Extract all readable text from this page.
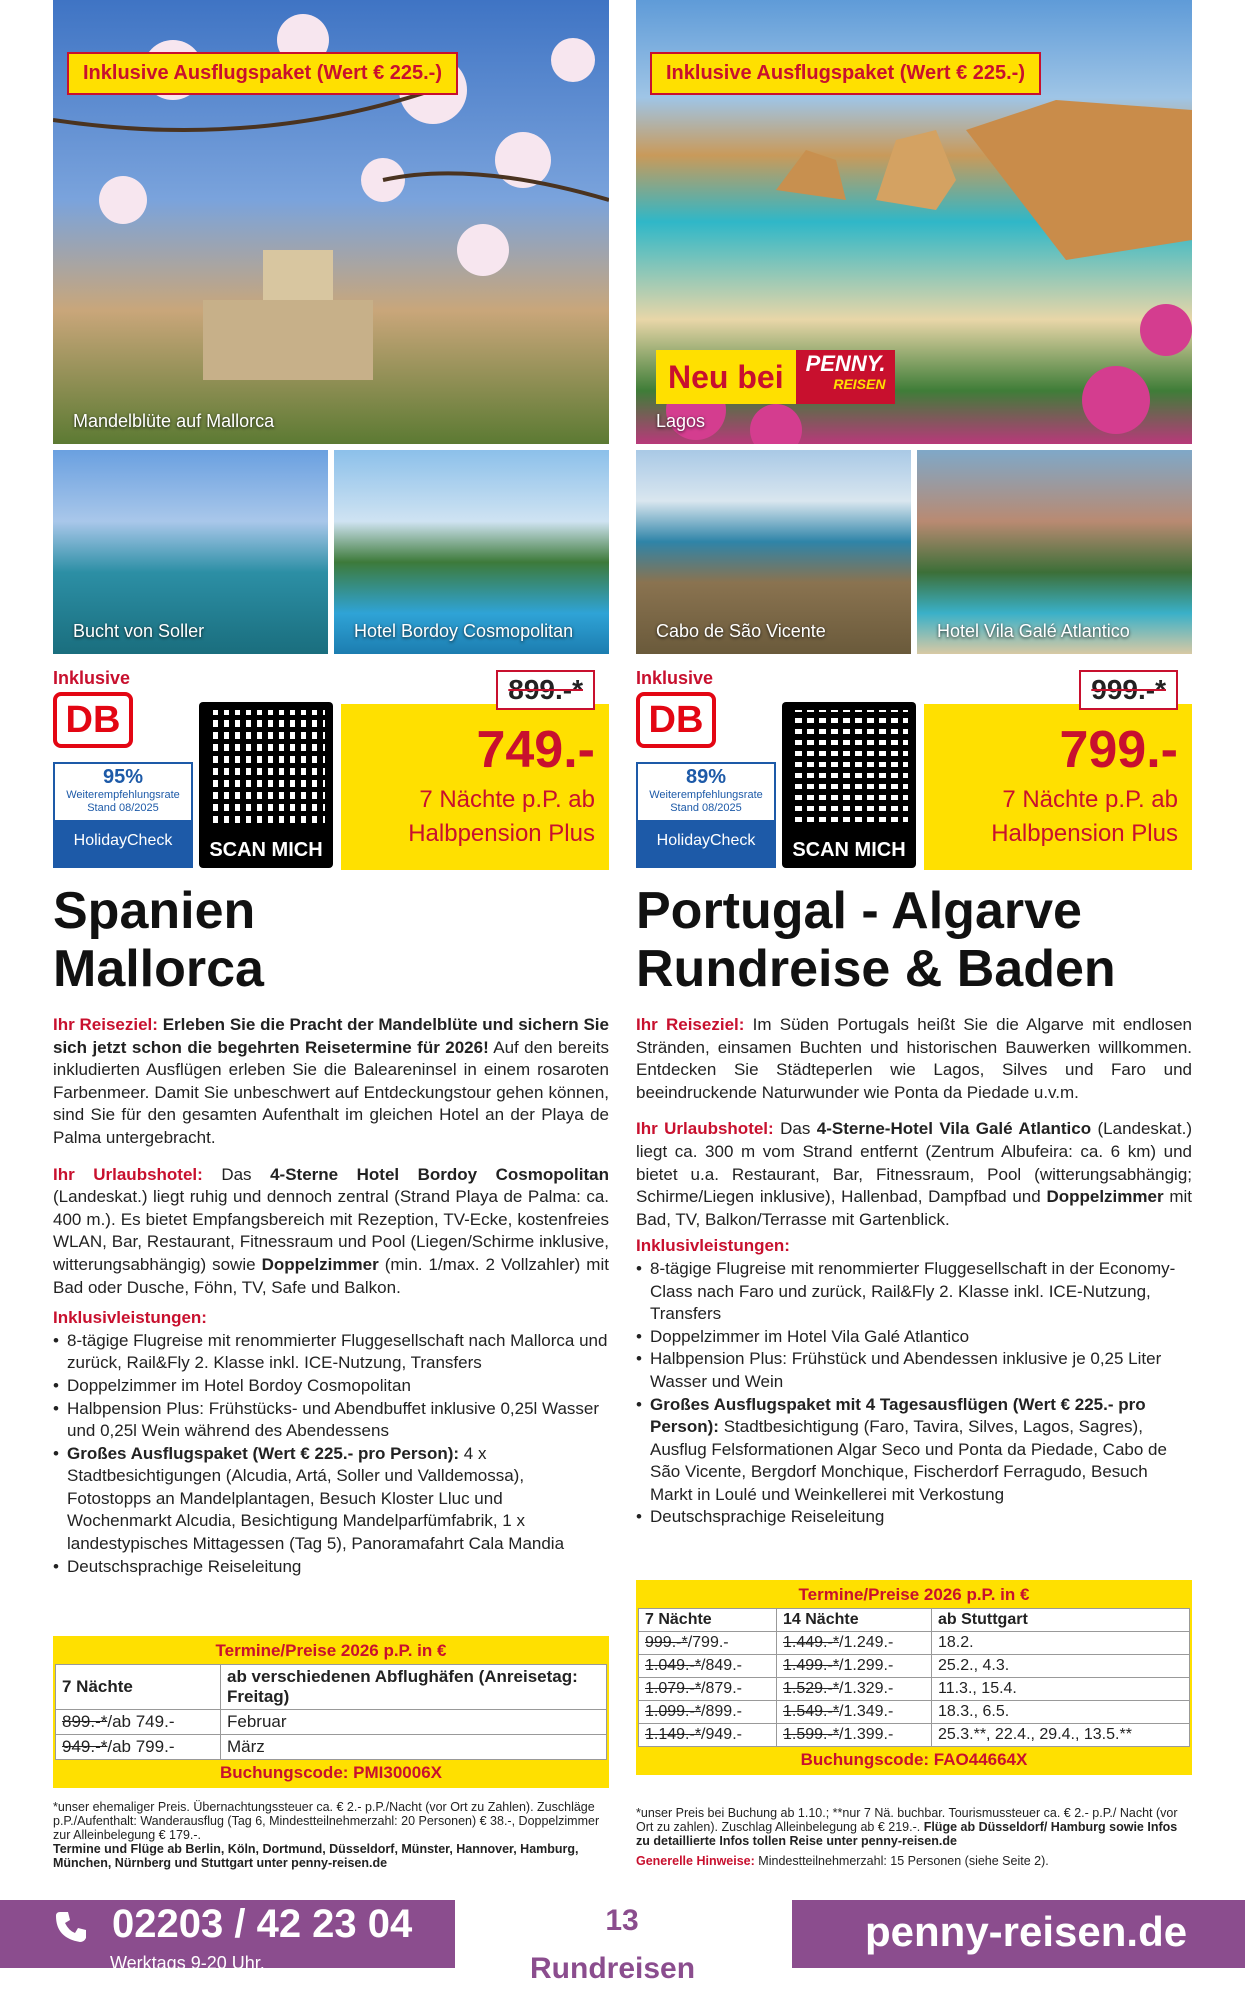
Inklusive Ausflugspaket (Wert € 225.-)
Mandelblüte auf Mallorca
Bucht von Soller	Hotel Bordoy Cosmopolitan
Inklusive
DB
95%
Weiterempfehlungsrate
Stand 08/2025
HolidayCheck	SCAN MICH
899.-*
749.-
7 Nächte p.P. ab
Halbpension Plus
Spanien
Mallorca

Ihr Reiseziel: Erleben Sie die Pracht der Mandelblüte und sichern Sie sich jetzt schon die begehrten Reisetermine für 2026! Auf den bereits inkludierten Ausflügen erleben Sie die Baleareninsel in einem rosaroten Farbenmeer. Damit Sie unbeschwert auf Entdeckungstour gehen können, sind Sie für den gesamten Aufenthalt im gleichen Hotel an der Playa de Palma untergebracht.

Ihr Urlaubshotel: Das 4-Sterne Hotel Bordoy Cosmopolitan (Landeskat.) liegt ruhig und dennoch zentral (Strand Playa de Palma: ca. 400 m.). Es bietet Empfangsbereich mit Rezeption, TV-Ecke, kostenfreies WLAN, Bar, Restaurant, Fitnessraum und Pool (Liegen/Schirme inklusive, witterungsabhängig) sowie Doppelzimmer (min. 1/max. 2 Vollzahler) mit Bad oder Dusche, Föhn, TV, Safe und Balkon.

Inklusivleistungen:

• 8-tägige Flugreise mit renommierter Fluggesellschaft nach Mallorca und zurück, Rail&Fly 2. Klasse inkl. ICE-Nutzung, Transfers
• Doppelzimmer im Hotel Bordoy Cosmopolitan
• Halbpension Plus: Frühstücks- und Abendbuffet inklusive 0,25l Wasser und 0,25l Wein während des Abendessens
• Großes Ausflugspaket (Wert € 225.- pro Person): 4 x Stadtbesichtigungen (Alcudia, Artá, Soller und Valldemossa), Fotostopps an Mandelplantagen, Besuch Kloster Lluc und Wochenmarkt Alcudia, Besichtigung Mandelparfümfabrik, 1 x landestypisches Mittagessen (Tag 5), Panoramafahrt Cala Mandia
• Deutschsprachige Reiseleitung
Termine/Preise 2026 p.P. in €
7 Nächte	ab verschiedenen Abflughäfen (Anreisetag: Freitag)
899.-*/ab 749.-	Februar
949.-*/ab 799.-	März
Buchungscode: PMI30006X

*unser ehemaliger Preis. Übernachtungssteuer ca. € 2.- p.P./Nacht (vor Ort zu Zahlen). Zuschläge p.P./Aufenthalt: Wanderausflug (Tag 6, Mindestteilnehmerzahl: 20 Personen) € 38.-, Doppelzimmer zur Alleinbelegung € 179.-.

Termine und Flüge ab Berlin, Köln, Dortmund, Düsseldorf, Münster, Hannover, Hamburg, München, Nürnberg und Stuttgart unter penny-reisen.de

Inklusive Ausflugspaket (Wert € 225.-)
Neu bei	PENNY.
REISEN
Lagos
Cabo de São Vicente	Hotel Vila Galé Atlantico
Inklusive
DB
89%
Weiterempfehlungsrate
Stand 08/2025
HolidayCheck	SCAN MICH
999.-*
799.-
7 Nächte p.P. ab
Halbpension Plus
Portugal - Algarve
Rundreise & Baden

Ihr Reiseziel: Im Süden Portugals heißt Sie die Algarve mit endlosen Stränden, einsamen Buchten und historischen Bauwerken willkommen. Entdecken Sie Städteperlen wie Lagos, Silves und Faro und beeindruckende Naturwunder wie Ponta da Piedade u.v.m.

Ihr Urlaubshotel: Das 4-Sterne-Hotel Vila Galé Atlantico (Landeskat.) liegt ca. 300 m vom Strand entfernt (Zentrum Albufeira: ca. 6 km) und bietet u.a. Restaurant, Bar, Fitnessraum, Pool (witterungsabhängig; Schirme/Liegen inklusive), Hallenbad, Dampfbad und Doppelzimmer mit Bad, TV, Balkon/Terrasse mit Gartenblick.

Inklusivleistungen:

• 8-tägige Flugreise mit renommierter Fluggesellschaft in der Economy-Class nach Faro und zurück, Rail&Fly 2. Klasse inkl. ICE-Nutzung, Transfers
• Doppelzimmer im Hotel Vila Galé Atlantico
• Halbpension Plus: Frühstück und Abendessen inklusive je 0,25 Liter Wasser und Wein
• Großes Ausflugspaket mit 4 Tagesausflügen (Wert € 225.- pro Person): Stadtbesichtigung (Faro, Tavira, Silves, Lagos, Sagres), Ausflug Felsformationen Algar Seco und Ponta da Piedade, Cabo de São Vicente, Bergdorf Monchique, Fischerdorf Ferragudo, Besuch Markt in Loulé und Weinkellerei mit Verkostung
• Deutschsprachige Reiseleitung
Termine/Preise 2026 p.P. in €
7 Nächte	14 Nächte	ab Stuttgart
999.-*/799.-	1.449.-*/1.249.-	18.2.
1.049.-*/849.-	1.499.-*/1.299.-	25.2., 4.3.
1.079.-*/879.-	1.529.-*/1.329.-	11.3., 15.4.
1.099.-*/899.-	1.549.-*/1.349.-	18.3., 6.5.
1.149.-*/949.-	1.599.-*/1.399.-	25.3.**, 22.4., 29.4., 13.5.**
Buchungscode: FAO44664X

*unser Preis bei Buchung ab 1.10.; **nur 7 Nä. buchbar. Tourismussteuer ca. € 2.- p.P./ Nacht (vor Ort zu zahlen). Zuschlag Alleinbelegung ab € 219.-. Flüge ab Düsseldorf/ Hamburg sowie Infos zu detaillierte Infos tollen Reise unter penny-reisen.de

Generelle Hinweise: Mindestteilnehmerzahl: 15 Personen (siehe Seite 2).

02203 / 42 23 04
Werktags 9-20 Uhr,
Samstag & Sonntag 10-18:30 Uhr
13
Rundreisen
penny-reisen.de
